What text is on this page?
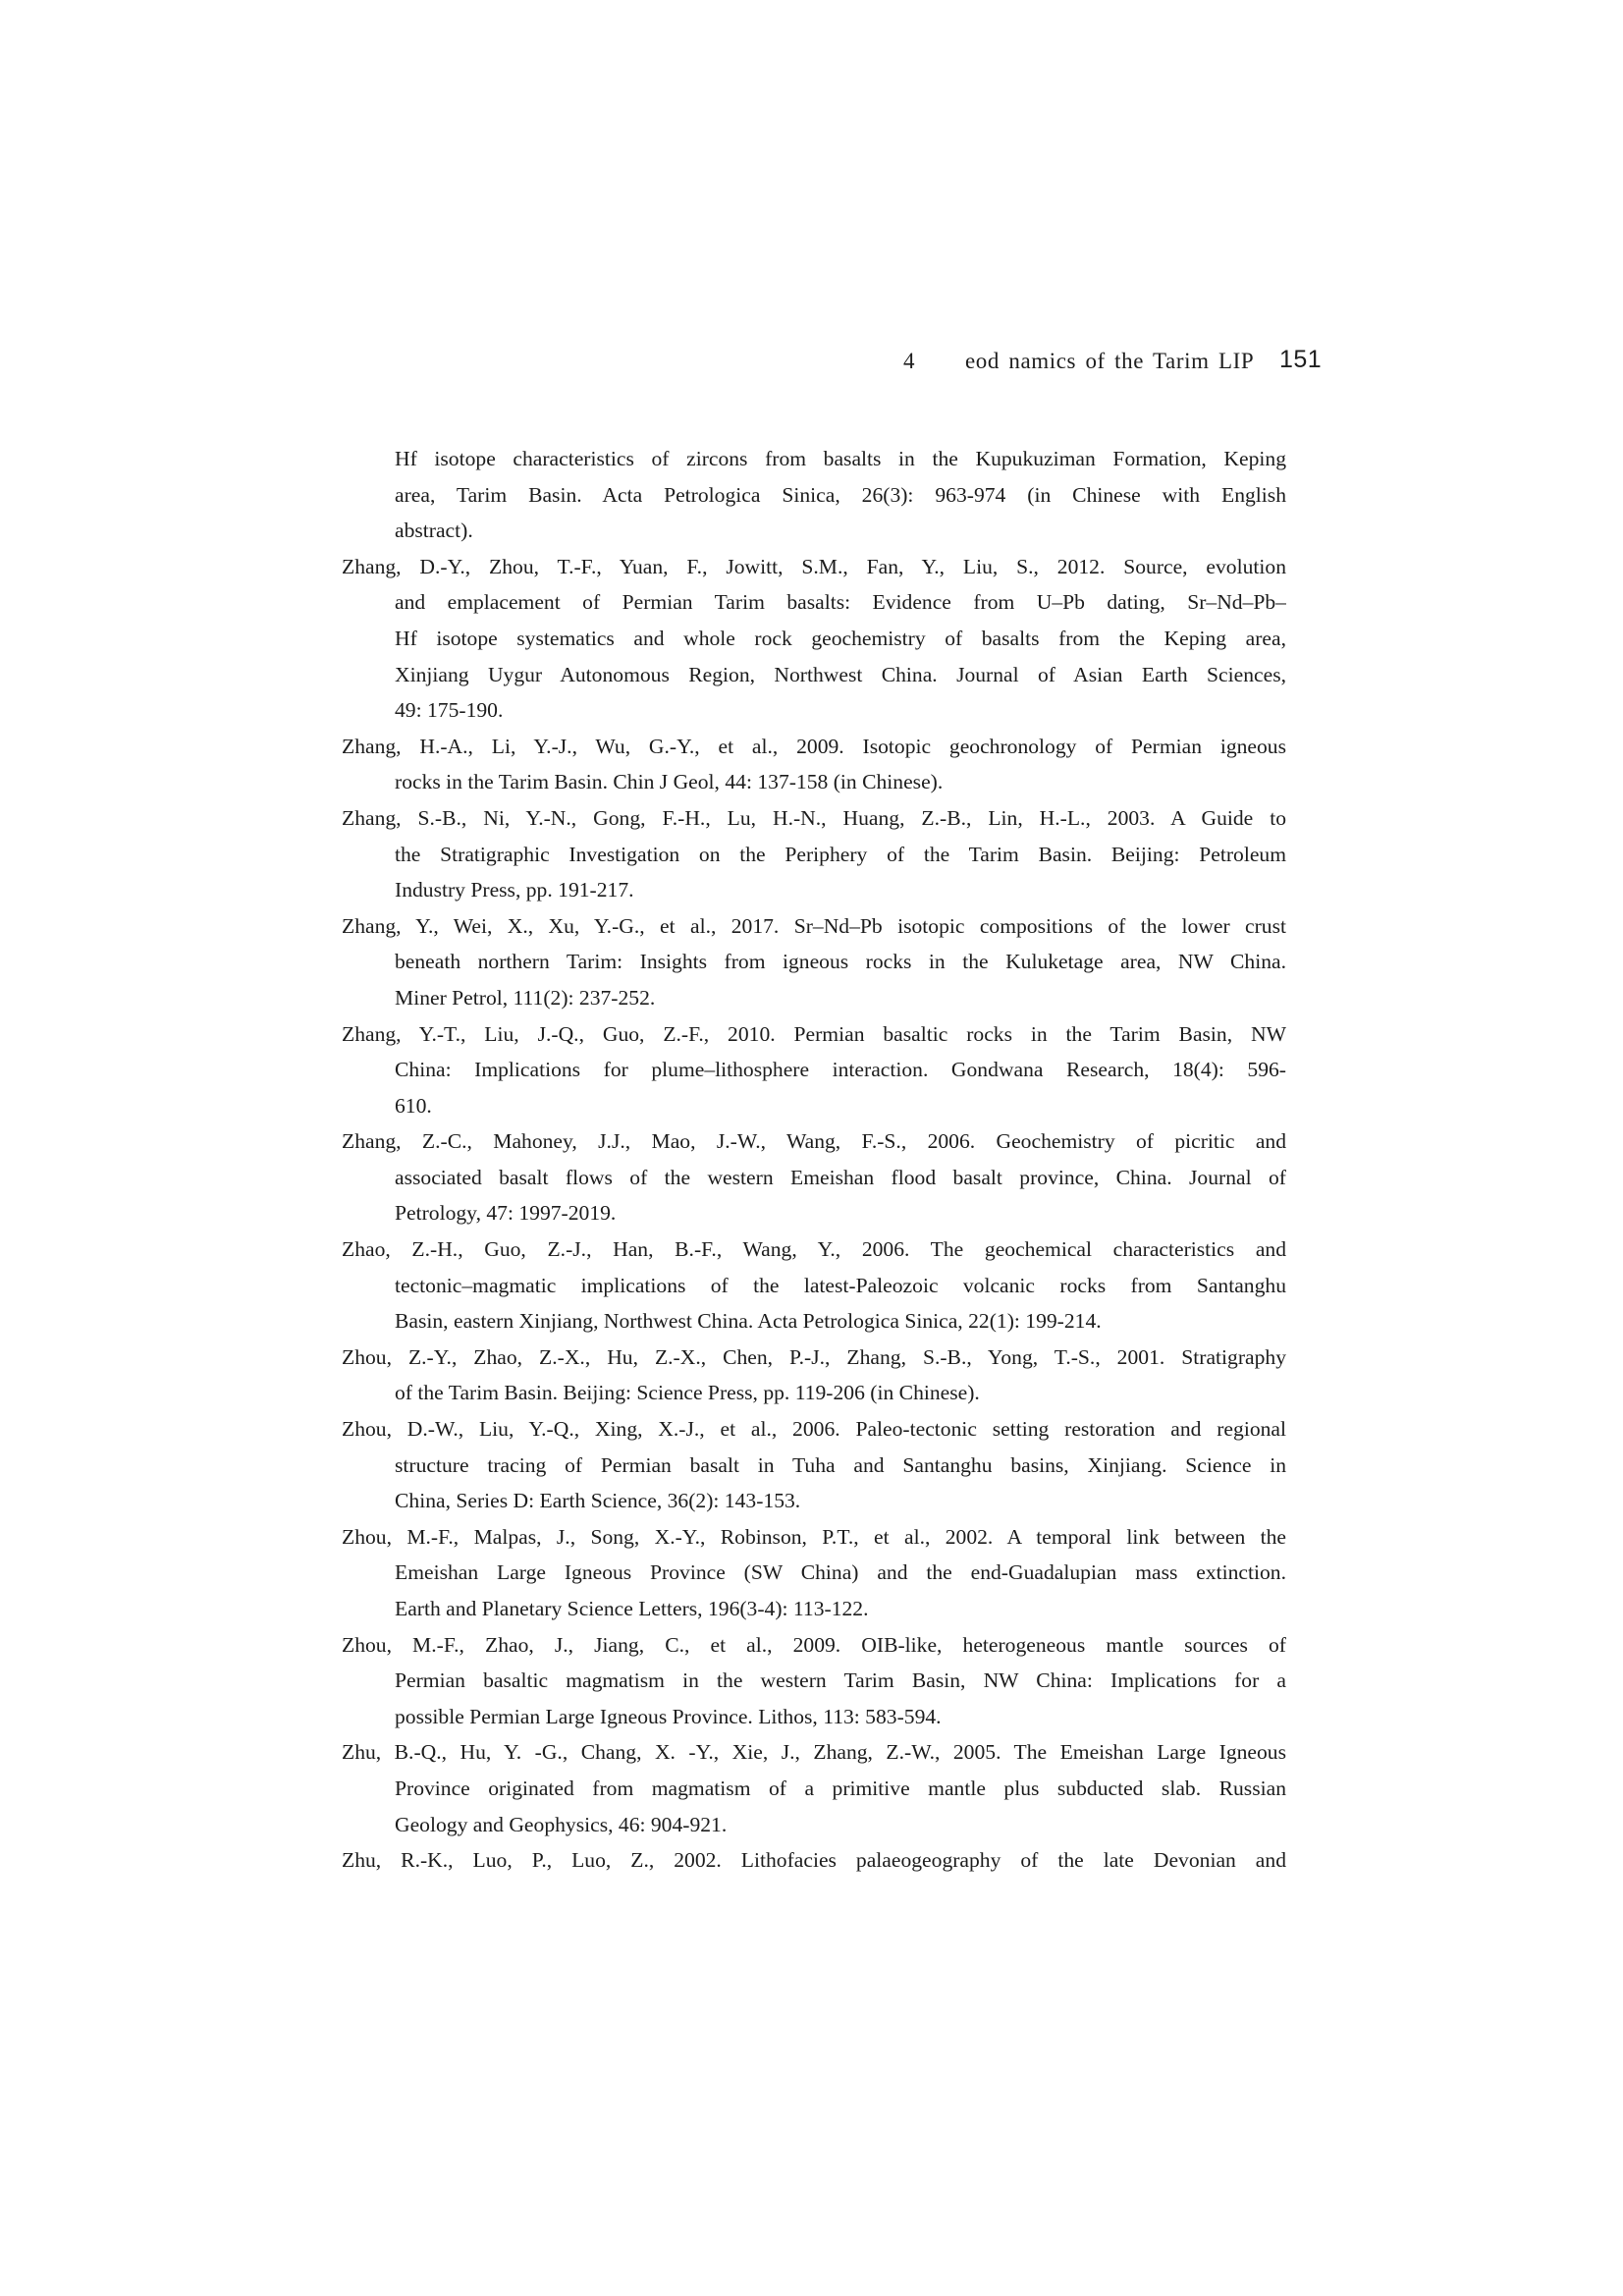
4 eod namics of the Tarim LIP 151
Hf isotope characteristics of zircons from basalts in the Kupukuziman Formation, Keping
area, Tarim Basin. Acta Petrologica Sinica, 26(3): 963-974 (in Chinese with English
abstract).
Zhang, D.-Y., Zhou, T.-F., Yuan, F., Jowitt, S.M., Fan, Y., Liu, S., 2012. Source, evolution
and emplacement of Permian Tarim basalts: Evidence from U–Pb dating, Sr–Nd–Pb–
Hf isotope systematics and whole rock geochemistry of basalts from the Keping area,
Xinjiang Uygur Autonomous Region, Northwest China. Journal of Asian Earth Sciences,
49: 175-190.
Zhang, H.-A., Li, Y.-J., Wu, G.-Y., et al., 2009. Isotopic geochronology of Permian igneous
rocks in the Tarim Basin. Chin J Geol, 44: 137-158 (in Chinese).
Zhang, S.-B., Ni, Y.-N., Gong, F.-H., Lu, H.-N., Huang, Z.-B., Lin, H.-L., 2003. A Guide to
the Stratigraphic Investigation on the Periphery of the Tarim Basin. Beijing: Petroleum
Industry Press, pp. 191-217.
Zhang, Y., Wei, X., Xu, Y.-G., et al., 2017. Sr–Nd–Pb isotopic compositions of the lower crust
beneath northern Tarim: Insights from igneous rocks in the Kuluketage area, NW China.
Miner Petrol, 111(2): 237-252.
Zhang, Y.-T., Liu, J.-Q., Guo, Z.-F., 2010. Permian basaltic rocks in the Tarim Basin, NW
China: Implications for plume–lithosphere interaction. Gondwana Research, 18(4): 596-
610.
Zhang, Z.-C., Mahoney, J.J., Mao, J.-W., Wang, F.-S., 2006. Geochemistry of picritic and
associated basalt flows of the western Emeishan flood basalt province, China. Journal of
Petrology, 47: 1997-2019.
Zhao, Z.-H., Guo, Z.-J., Han, B.-F., Wang, Y., 2006. The geochemical characteristics and
tectonic–magmatic implications of the latest-Paleozoic volcanic rocks from Santanghu
Basin, eastern Xinjiang, Northwest China. Acta Petrologica Sinica, 22(1): 199-214.
Zhou, Z.-Y., Zhao, Z.-X., Hu, Z.-X., Chen, P.-J., Zhang, S.-B., Yong, T.-S., 2001. Stratigraphy
of the Tarim Basin. Beijing: Science Press, pp. 119-206 (in Chinese).
Zhou, D.-W., Liu, Y.-Q., Xing, X.-J., et al., 2006. Paleo-tectonic setting restoration and regional
structure tracing of Permian basalt in Tuha and Santanghu basins, Xinjiang. Science in
China, Series D: Earth Science, 36(2): 143-153.
Zhou, M.-F., Malpas, J., Song, X.-Y., Robinson, P.T., et al., 2002. A temporal link between the
Emeishan Large Igneous Province (SW China) and the end-Guadalupian mass extinction.
Earth and Planetary Science Letters, 196(3-4): 113-122.
Zhou, M.-F., Zhao, J., Jiang, C., et al., 2009. OIB-like, heterogeneous mantle sources of
Permian basaltic magmatism in the western Tarim Basin, NW China: Implications for a
possible Permian Large Igneous Province. Lithos, 113: 583-594.
Zhu, B.-Q., Hu, Y. -G., Chang, X. -Y., Xie, J., Zhang, Z.-W., 2005. The Emeishan Large Igneous
Province originated from magmatism of a primitive mantle plus subducted slab. Russian
Geology and Geophysics, 46: 904-921.
Zhu, R.-K., Luo, P., Luo, Z., 2002. Lithofacies palaeogeography of the late Devonian and
